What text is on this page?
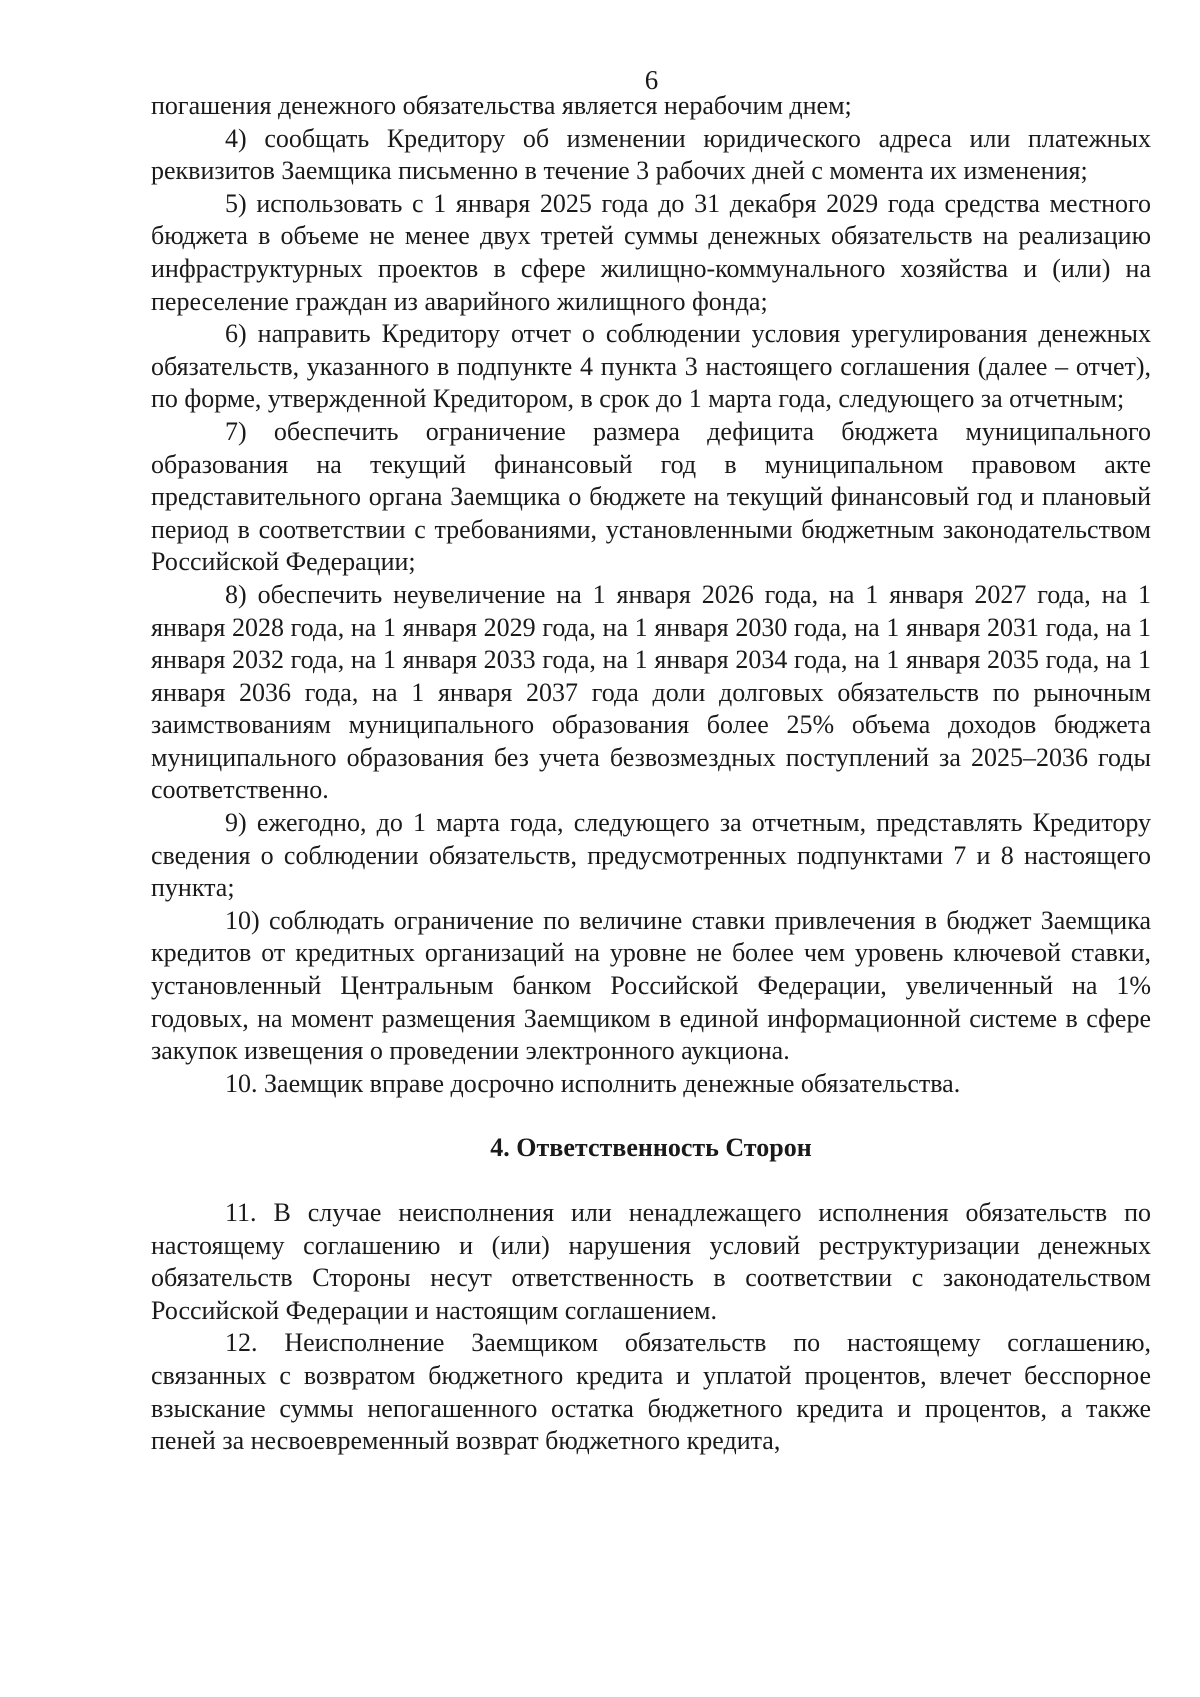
6

погашения денежного обязательства является нерабочим днем;

4) сообщать Кредитору об изменении юридического адреса или платежных реквизитов Заемщика письменно в течение 3 рабочих дней с момента их изменения;

5) использовать с 1 января 2025 года до 31 декабря 2029 года средства местного бюджета в объеме не менее двух третей суммы денежных обязательств на реализацию инфраструктурных проектов в сфере жилищно-коммунального хозяйства и (или) на переселение граждан из аварийного жилищного фонда;

6) направить Кредитору отчет о соблюдении условия урегулирования денежных обязательств, указанного в подпункте 4 пункта 3 настоящего соглашения (далее – отчет), по форме, утвержденной Кредитором, в срок до 1 марта года, следующего за отчетным;

7) обеспечить ограничение размера дефицита бюджета муниципального образования на текущий финансовый год в муниципальном правовом акте представительного органа Заемщика о бюджете на текущий финансовый год и плановый период в соответствии с требованиями, установленными бюджетным законодательством Российской Федерации;

8) обеспечить неувеличение на 1 января 2026 года, на 1 января 2027 года, на 1 января 2028 года, на 1 января 2029 года, на 1 января 2030 года, на 1 января 2031 года, на 1 января 2032 года, на 1 января 2033 года, на 1 января 2034 года, на 1 января 2035 года, на 1 января 2036 года, на 1 января 2037 года доли долговых обязательств по рыночным заимствованиям муниципального образования более 25% объема доходов бюджета муниципального образования без учета безвозмездных поступлений за 2025–2036 годы соответственно.

9) ежегодно, до 1 марта года, следующего за отчетным, представлять Кредитору сведения о соблюдении обязательств, предусмотренных подпунктами 7 и 8 настоящего пункта;

10) соблюдать ограничение по величине ставки привлечения в бюджет Заемщика кредитов от кредитных организаций на уровне не более чем уровень ключевой ставки, установленный Центральным банком Российской Федерации, увеличенный на 1% годовых, на момент размещения Заемщиком в единой информационной системе в сфере закупок извещения о проведении электронного аукциона.

10. Заемщик вправе досрочно исполнить денежные обязательства.

4. Ответственность Сторон

11. В случае неисполнения или ненадлежащего исполнения обязательств по настоящему соглашению и (или) нарушения условий реструктуризации денежных обязательств Стороны несут ответственность в соответствии с законодательством Российской Федерации и настоящим соглашением.

12. Неисполнение Заемщиком обязательств по настоящему соглашению, связанных с возвратом бюджетного кредита и уплатой процентов, влечет бесспорное взыскание суммы непогашенного остатка бюджетного кредита и процентов, а также пеней за несвоевременный возврат бюджетного кредита,
